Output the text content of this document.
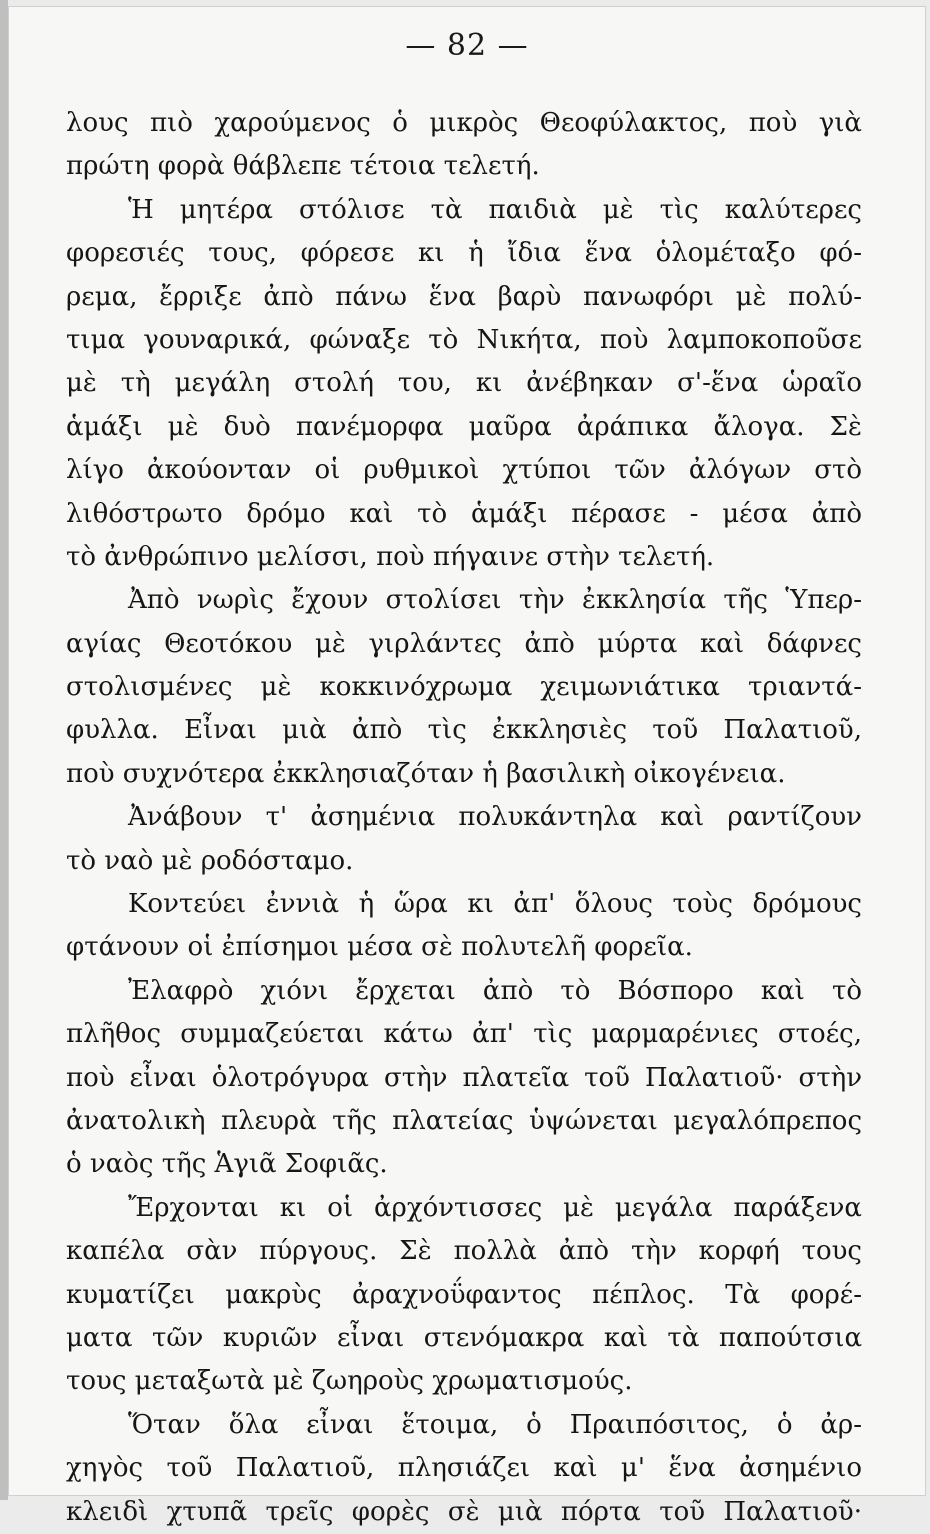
— 82 —
λους πιὸ χαρούμενος ὁ μικρὸς Θεοφύλακτος, ποὺ γιὰ
πρώτη φορὰ θάβλεπε τέτοια τελετή.
Ἡ μητέρα στόλισε τὰ παιδιὰ μὲ τὶς καλύτερες
φορεσιές τους, φόρεσε κι ἡ ἴδια ἕνα ὁλομέταξο φό-
ρεμα, ἔρριξε ἀπὸ πάνω ἕνα βαρὺ πανωφόρι μὲ πολύ-
τιμα γουναρικά, φώναξε τὸ Νικήτα, ποὺ λαμποκοποῦσε
μὲ τὴ μεγάλη στολή του, κι ἀνέβηκαν σ'-ἕνα ὡραῖο
ἁμάξι μὲ δυὸ πανέμορφα μαῦρα ἀράπικα ἄλογα. Σὲ
λίγο ἀκούονταν οἱ ρυθμικοὶ χτύποι τῶν ἀλόγων στὸ
λιθόστρωτο δρόμο καὶ τὸ ἁμάξι πέρασε - μέσα ἀπὸ
τὸ ἀνθρώπινο μελίσσι, ποὺ πήγαινε στὴν τελετή.
Ἀπὸ νωρὶς ἔχουν στολίσει τὴν ἐκκλησία τῆς Ὑπερ-
αγίας Θεοτόκου μὲ γιρλάντες ἀπὸ μύρτα καὶ δάφνες
στολισμένες μὲ κοκκινόχρωμα χειμωνιάτικα τριαντά-
φυλλα. Εἶναι μιὰ ἀπὸ τὶς ἐκκλησιὲς τοῦ Παλατιοῦ,
ποὺ συχνότερα ἐκκλησιαζόταν ἡ βασιλικὴ οἰκογένεια.
Ἀνάβουν τ' ἀσημένια πολυκάντηλα καὶ ραντίζουν
τὸ ναὸ μὲ ροδόσταμο.
Κοντεύει ἐννιὰ ἡ ὥρα κι ἀπ' ὅλους τοὺς δρόμους
φτάνουν οἱ ἐπίσημοι μέσα σὲ πολυτελῆ φορεῖα.
Ἐλαφρὸ χιόνι ἔρχεται ἀπὸ τὸ Βόσπορο καὶ τὸ
πλῆθος συμμαζεύεται κάτω ἀπ' τὶς μαρμαρένιες στοές,
ποὺ εἶναι ὁλοτρόγυρα στὴν πλατεῖα τοῦ Παλατιοῦ· στὴν
ἀνατολικὴ πλευρὰ τῆς πλατείας ὑψώνεται μεγαλόπρεπος
ὁ ναὸς τῆς Ἁγιᾶ Σοφιᾶς.
Ἔρχονται κι οἱ ἀρχόντισσες μὲ μεγάλα παράξενα
καπέλα σὰν πύργους. Σὲ πολλὰ ἀπὸ τὴν κορφή τους
κυματίζει μακρὺς ἀραχνοΰφαντος πέπλος. Τὰ φορέ-
ματα τῶν κυριῶν εἶναι στενόμακρα καὶ τὰ παπούτσια
τους μεταξωτὰ μὲ ζωηροὺς χρωματισμούς.
Ὅταν ὅλα εἶναι ἕτοιμα, ὁ Πραιπόσιτος, ὁ ἀρ-
χηγὸς τοῦ Παλατιοῦ, πλησιάζει καὶ μ' ἕνα ἀσημένιο
κλειδὶ χτυπᾶ τρεῖς φορὲς σὲ μιὰ πόρτα τοῦ Παλατιοῦ·
